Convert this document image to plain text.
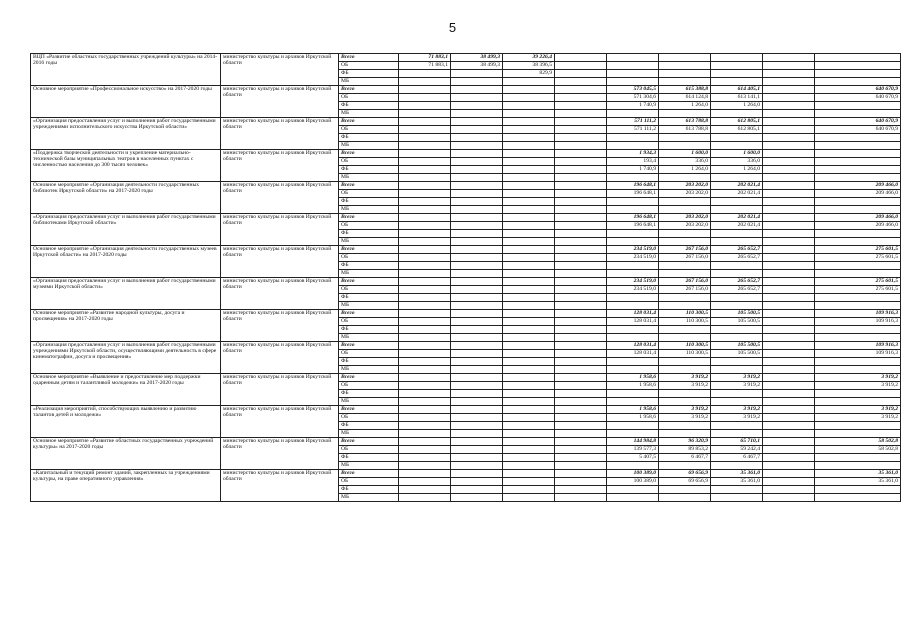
5
ВЦП «Развитие областных государственных учреждений культуры» на 2014-2016 годы	министерство культуры и архивов Иркутской области	Всего	71 883,1	38 499,3	39 226,4						
		ОБ	71 883,1	38 499,3	38 396,5						
		ФБ			829,9						
		МБ									
Основное мероприятие «Профессиональное искусство» на 2017-2020 годы	министерство культуры и архивов Иркутской области	Всего					573 045,5	615 388,8	614 405,1		640 670,9
		ОБ					571 304,6	614 124,8	613 141,1		640 670,9
		ФБ					1 740,9	1 264,0	1 264,0		
		МБ									
«Организация предоставления услуг и выполнения работ государственными учреждениями исполнительского искусства Иркутской области»	министерство культуры и архивов Иркутской области	Всего					571 111,2	613 788,8	612 805,1		640 670,9
		ОБ					571 111,2	613 788,8	612 805,1		640 670,9
		ФБ									
		МБ									
«Поддержка творческой деятельности и укрепление материально-технической базы муниципальных театров в населенных пунктах с численностью населения до 300 тысяч человек»	министерство культуры и архивов Иркутской области	Всего					1 934,3	1 600,0	1 600,0		
		ОБ					193,4	336,0	336,0		
		ФБ					1 740,9	1 264,0	1 264,0		
		МБ									
Основное мероприятие «Организация деятельности государственных библиотек Иркутской области» на 2017-2020 годы	министерство культуры и архивов Иркутской области	Всего					196 648,1	203 202,0	202 021,4		209 466,0
		ОБ					196 648,1	203 202,0	202 021,4		209 466,0
		ФБ									
		МБ									
«Организация предоставления услуг и выполнения работ государственными библиотеками Иркутской области»	министерство культуры и архивов Иркутской области	Всего					196 648,1	203 202,0	202 021,4		209 466,0
		ОБ					196 648,1	203 202,0	202 021,4		209 466,0
		ФБ									
		МБ									
Основное мероприятие «Организация деятельности государственных музеев Иркутской области» на 2017-2020 годы	министерство культуры и архивов Иркутской области	Всего					234 519,0	267 156,0	265 652,7		275 601,5
		ОБ					234 519,0	267 156,0	265 652,7		275 601,5
		ФБ									
		МБ									
«Организация предоставления услуг и выполнения работ государственными музеями Иркутской области»	министерство культуры и архивов Иркутской области	Всего					234 519,0	267 156,0	265 652,7		275 601,5
		ОБ					234 519,0	267 156,0	265 652,7		275 601,5
		ФБ									
		МБ									
Основное мероприятие «Развитие народной культуры, досуга и просвещения» на 2017-2020 годы	министерство культуры и архивов Иркутской области	Всего					128 031,4	110 300,5	105 500,5		109 916,3
		ОБ					128 031,4	110 300,5	105 500,5		109 916,3
		ФБ									
		МБ									
«Организация предоставления услуг и выполнения работ государственными учреждениями Иркутской области, осуществляющими деятельность в сфере кинематографии, досуга и просвещения»	министерство культуры и архивов Иркутской области	Всего					128 031,4	110 300,5	105 500,5		109 916,3
		ОБ					128 031,4	110 300,5	105 500,5		109 916,3
		ФБ									
		МБ									
Основное мероприятие «Выявление и предоставление мер поддержки одаренным детям и талантливой молодежи» на 2017-2020 годы	министерство культуры и архивов Иркутской области	Всего					1 958,6	3 919,2	3 919,2		3 919,2
		ОБ					1 958,6	3 919,2	3 919,2		3 919,2
		ФБ									
		МБ									
«Реализация мероприятий, способствующих выявлению и развитию талантов детей и молодежи»	министерство культуры и архивов Иркутской области	Всего					1 958,6	3 919,2	3 919,2		3 919,2
		ОБ					1 958,6	3 919,2	3 919,2		3 919,2
		ФБ									
		МБ									
Основное мероприятие «Развитие областных государственных учреждений культуры» на 2017-2020 годы	министерство культуры и архивов Иркутской области	Всего					144 984,8	96 320,9	65 710,1		58 502,8
		ОБ					139 577,3	89 853,2	59 242,4		58 502,8
		ФБ					5 407,5	6 467,7	6 467,7		
		МБ									
«Капитальный и текущий ремонт зданий, закрепленных за учреждениями культуры, на праве оперативного управления»	министерство культуры и архивов Иркутской области	Всего					100 389,0	69 656,9	35 361,0		35 361,0
		ОБ					100 389,0	69 656,9	35 361,0		35 361,0
		ФБ									
		МБ									
